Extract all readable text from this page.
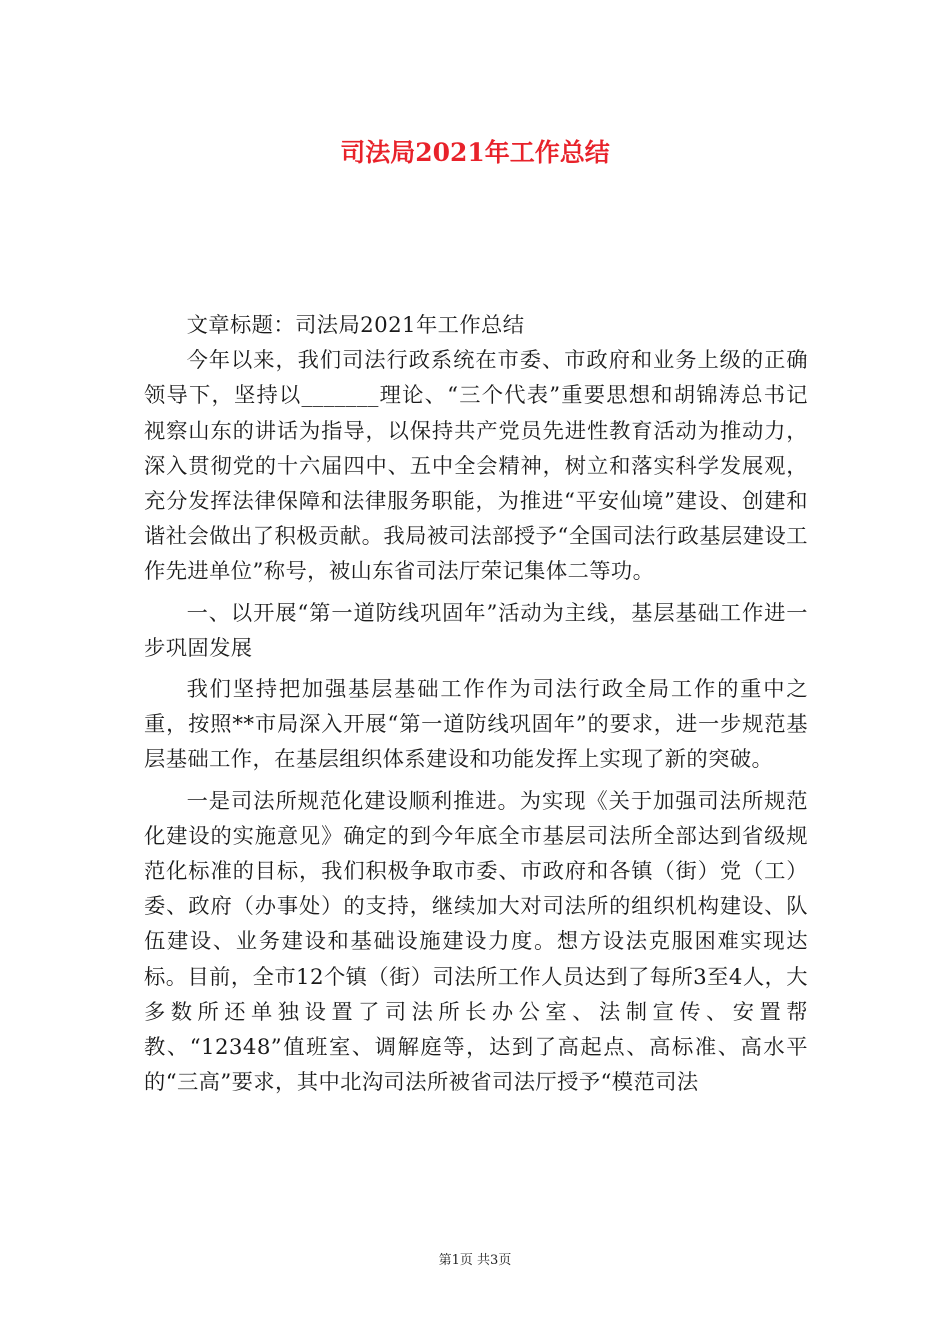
司法局2021年工作总结

文章标题：司法局2021年工作总结

今年以来，我们司法行政系统在市委、市政府和业务上级的正确领导下，坚持以_______理论、“三个代表”重要思想和胡锦涛总书记视察山东的讲话为指导，以保持共产党员先进性教育活动为推动力，深入贯彻党的十六届四中、五中全会精神，树立和落实科学发展观，充分发挥法律保障和法律服务职能，为推进“平安仙境”建设、创建和谐社会做出了积极贡献。我局被司法部授予“全国司法行政基层建设工作先进单位”称号，被山东省司法厅荣记集体二等功。

一、以开展“第一道防线巩固年”活动为主线，基层基础工作进一步巩固发展

我们坚持把加强基层基础工作作为司法行政全局工作的重中之重，按照**市局深入开展“第一道防线巩固年”的要求，进一步规范基层基础工作，在基层组织体系建设和功能发挥上实现了新的突破。

一是司法所规范化建设顺利推进。为实现《关于加强司法所规范化建设的实施意见》确定的到今年底全市基层司法所全部达到省级规范化标准的目标，我们积极争取市委、市政府和各镇（街）党（工）委、政府（办事处）的支持，继续加大对司法所的组织机构建设、队伍建设、业务建设和基础设施建设力度。想方设法克服困难实现达标。目前，全市12个镇（街）司法所工作人员达到了每所3至4人，大多数所还单独设置了司法所长办公室、法制宣传、安置帮教、“12348”值班室、调解庭等，达到了高起点、高标准、高水平的“三高”要求，其中北沟司法所被省司法厅授予“模范司法

第1页 共3页
